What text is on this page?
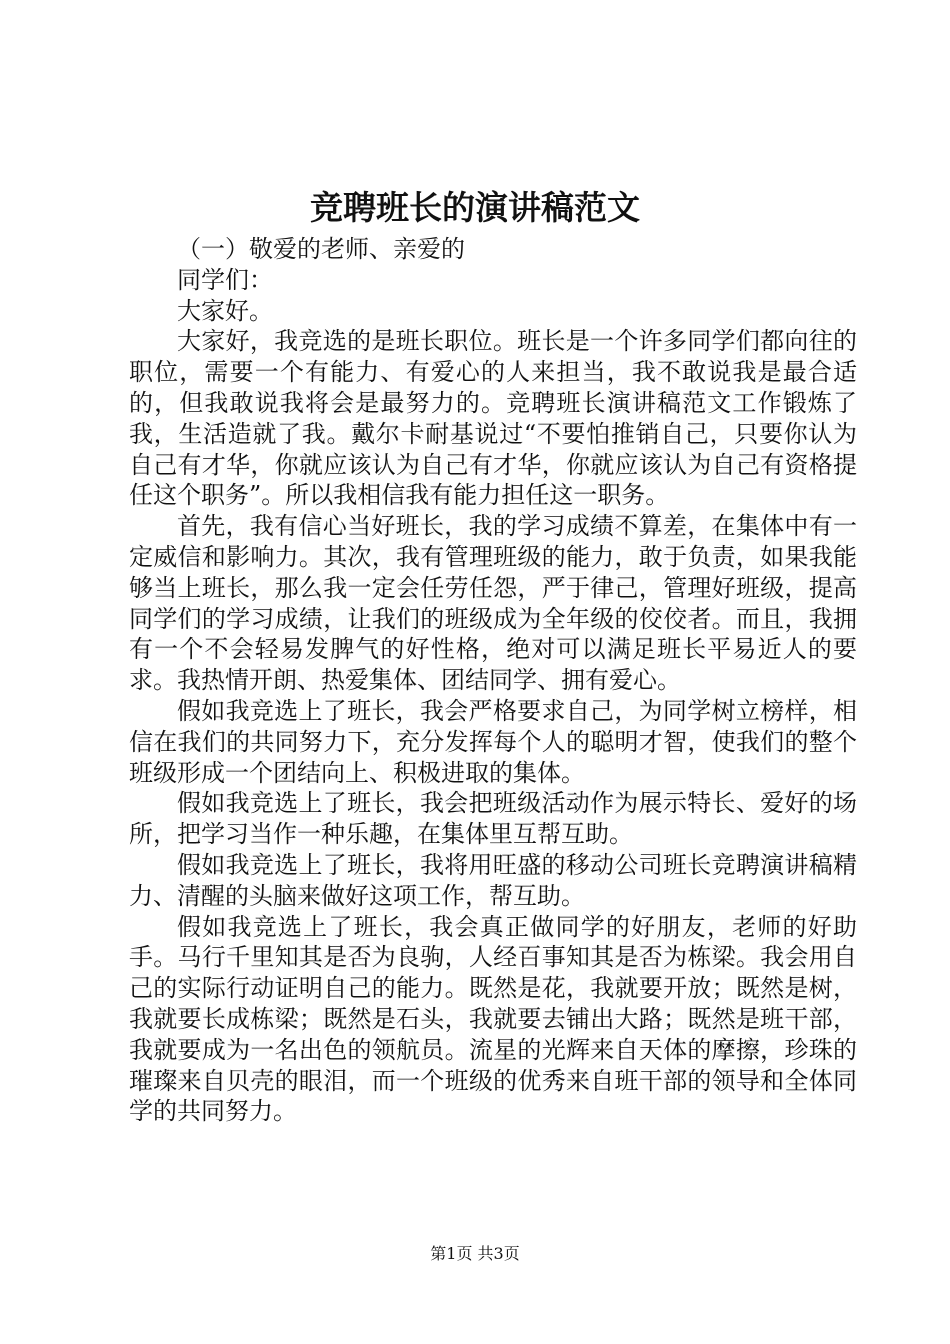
竞聘班长的演讲稿范文

（一）敬爱的老师、亲爱的

同学们：

大家好。

大家好，我竞选的是班长职位。班长是一个许多同学们都向往的职位，需要一个有能力、有爱心的人来担当，我不敢说我是最合适的，但我敢说我将会是最努力的。竞聘班长演讲稿范文工作锻炼了我，生活造就了我。戴尔卡耐基说过“不要怕推销自己，只要你认为自己有才华，你就应该认为自己有才华，你就应该认为自己有资格提任这个职务”。所以我相信我有能力担任这一职务。

首先，我有信心当好班长，我的学习成绩不算差，在集体中有一定威信和影响力。其次，我有管理班级的能力，敢于负责，如果我能够当上班长，那么我一定会任劳任怨，严于律己，管理好班级，提高同学们的学习成绩，让我们的班级成为全年级的佼佼者。而且，我拥有一个不会轻易发脾气的好性格，绝对可以满足班长平易近人的要求。我热情开朗、热爱集体、团结同学、拥有爱心。

假如我竞选上了班长，我会严格要求自己，为同学树立榜样，相信在我们的共同努力下，充分发挥每个人的聪明才智，使我们的整个班级形成一个团结向上、积极进取的集体。

假如我竞选上了班长，我会把班级活动作为展示特长、爱好的场所，把学习当作一种乐趣，在集体里互帮互助。

假如我竞选上了班长，我将用旺盛的移动公司班长竞聘演讲稿精力、清醒的头脑来做好这项工作，帮互助。

假如我竞选上了班长，我会真正做同学的好朋友，老师的好助手。马行千里知其是否为良驹，人经百事知其是否为栋梁。我会用自己的实际行动证明自己的能力。既然是花，我就要开放；既然是树，我就要长成栋梁；既然是石头，我就要去铺出大路；既然是班干部，我就要成为一名出色的领航员。流星的光辉来自天体的摩擦，珍珠的璀璨来自贝壳的眼泪，而一个班级的优秀来自班干部的领导和全体同学的共同努力。

第1页 共3页
